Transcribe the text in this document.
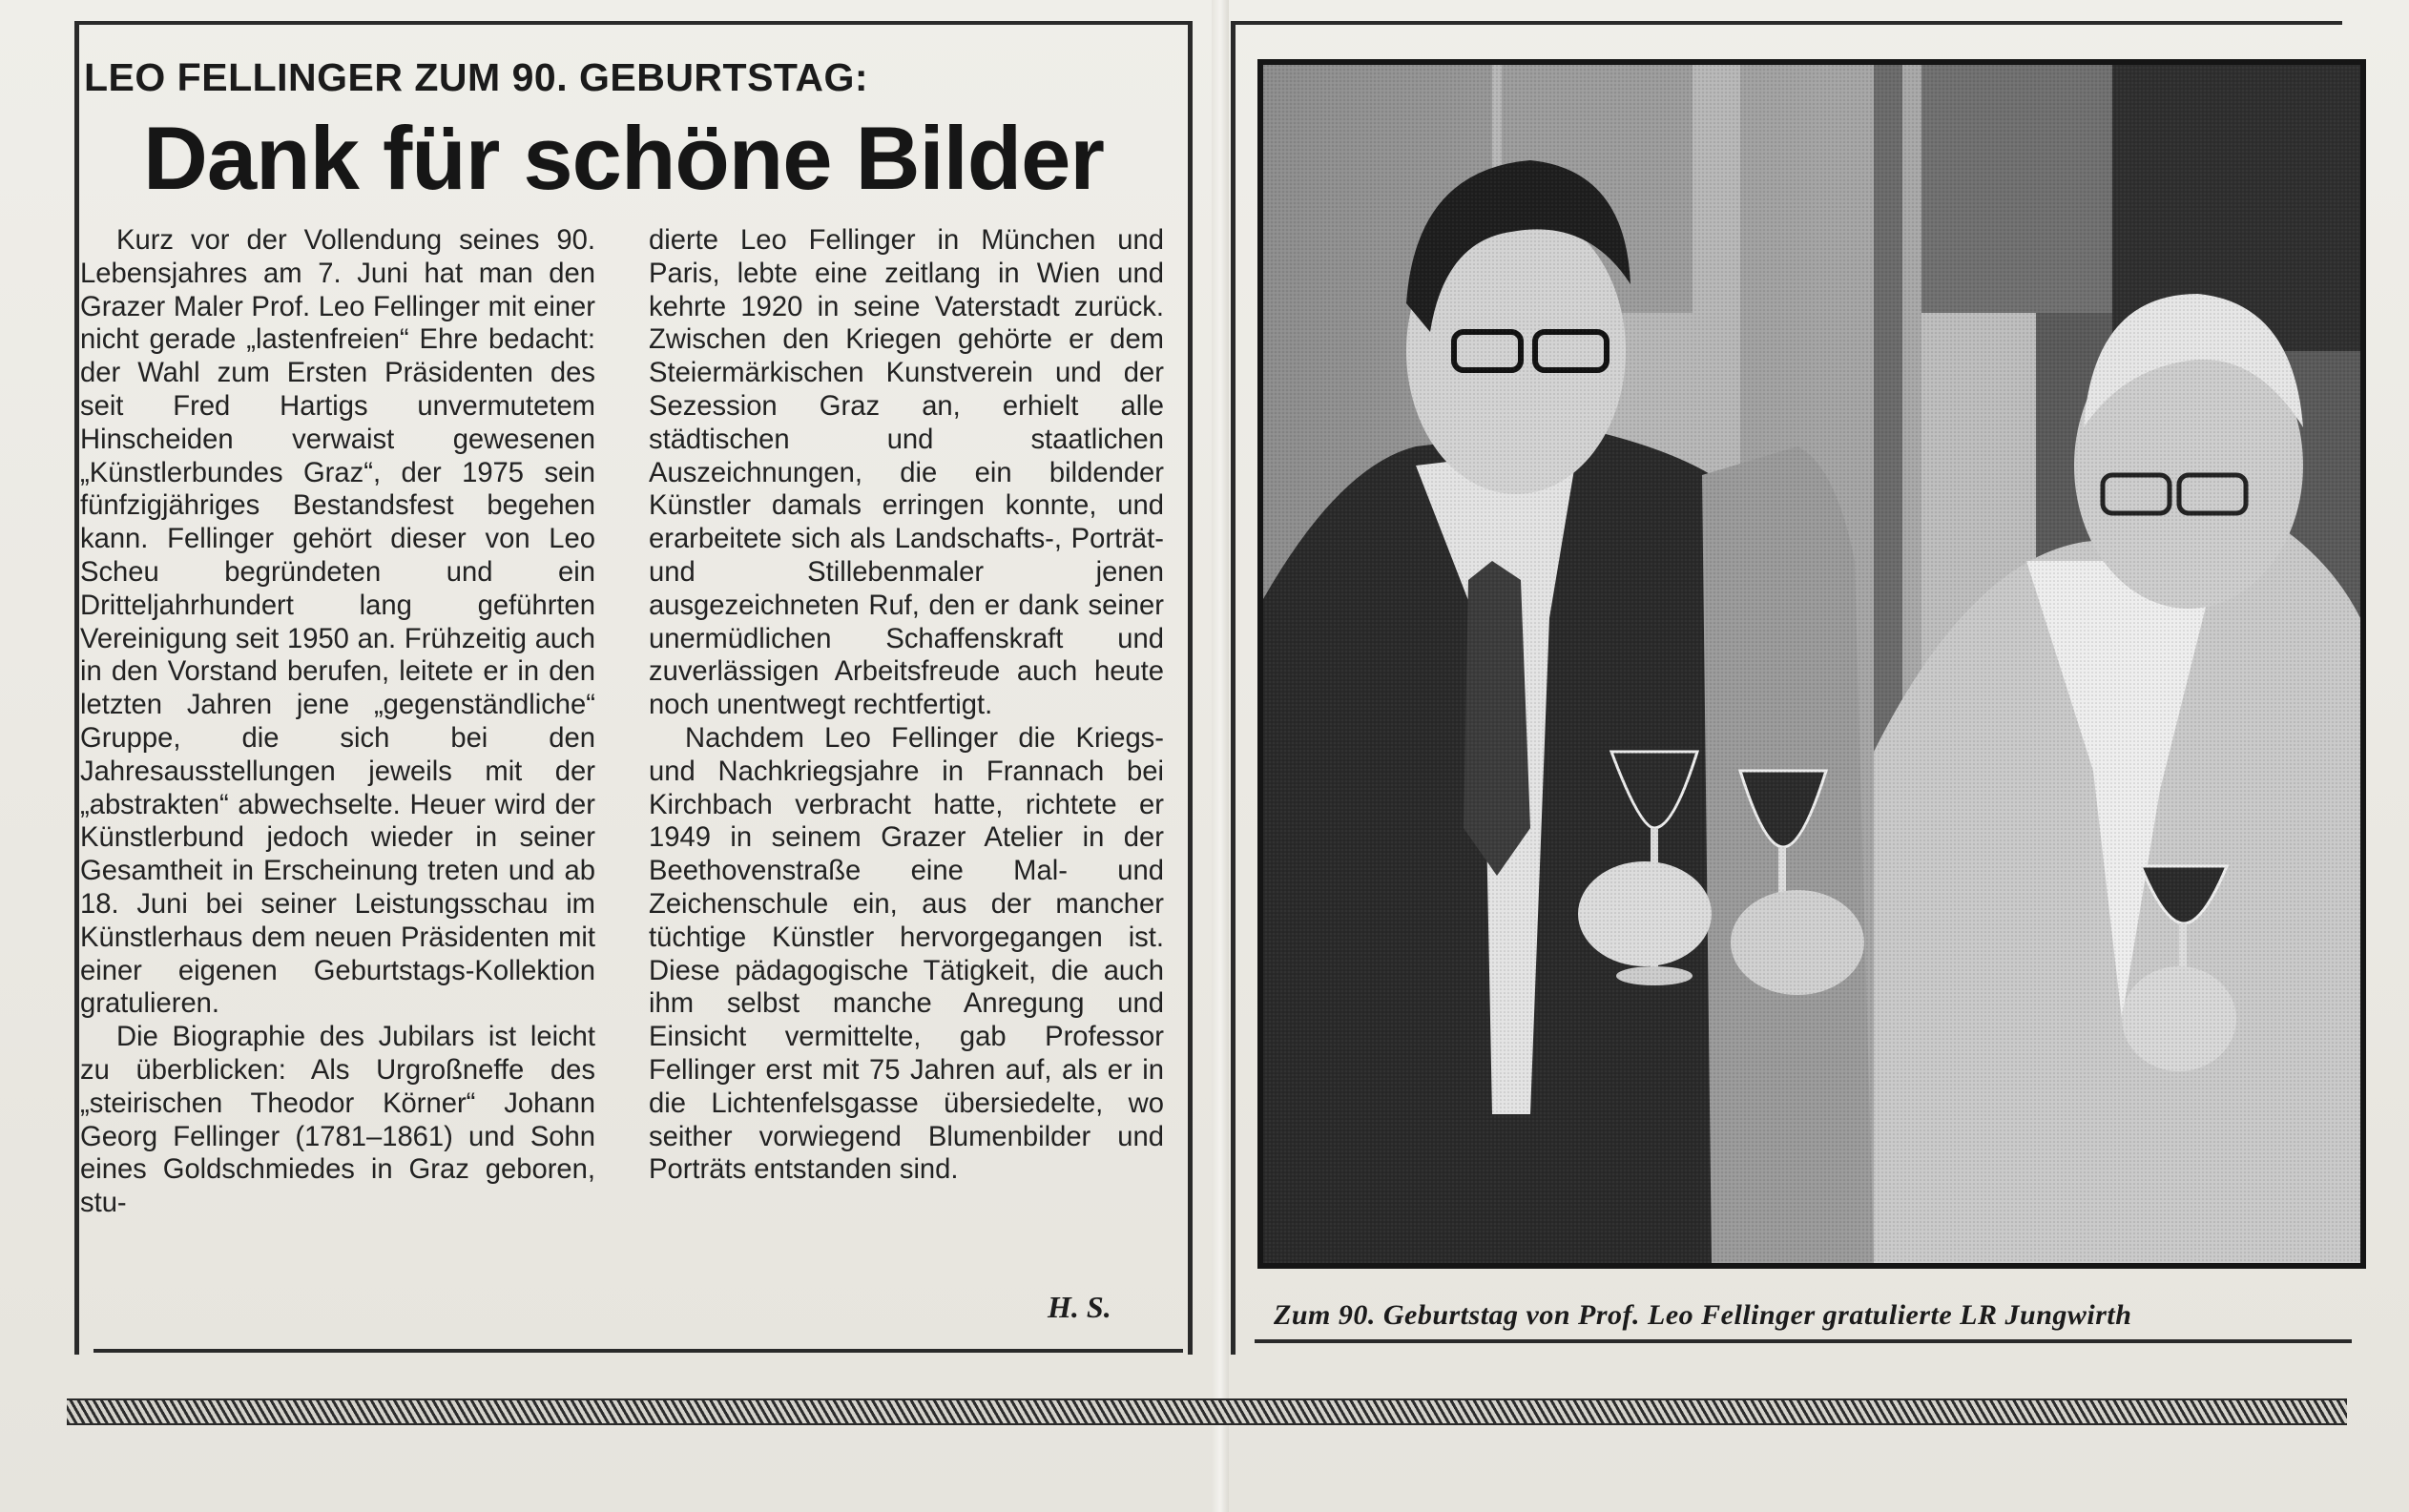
LEO FELLINGER ZUM 90. GEBURTSTAG:
Dank für schöne Bilder

Kurz vor der Vollendung seines 90. Lebensjahres am 7. Juni hat man den Grazer Maler Prof. Leo Fellinger mit einer nicht gerade „lastenfreien“ Ehre bedacht: der Wahl zum Ersten Präsidenten des seit Fred Hartigs unvermutetem Hinscheiden verwaist gewesenen „Künstlerbundes Graz“, der 1975 sein fünfzigjähriges Bestandsfest begehen kann. Fellinger gehört dieser von Leo Scheu begründeten und ein Dritteljahrhundert lang geführten Vereinigung seit 1950 an. Frühzeitig auch in den Vorstand berufen, leitete er in den letzten Jahren jene „gegenständliche“ Gruppe, die sich bei den Jahresausstellungen jeweils mit der „abstrakten“ abwechselte. Heuer wird der Künstlerbund jedoch wieder in seiner Gesamtheit in Erscheinung treten und ab 18. Juni bei seiner Leistungsschau im Künstlerhaus dem neuen Präsidenten mit einer eigenen Geburtstags-Kollektion gratulieren.

Die Biographie des Jubilars ist leicht zu überblicken: Als Urgroßneffe des „steirischen Theodor Körner“ Johann Georg Fellinger (1781–1861) und Sohn eines Goldschmiedes in Graz geboren, stu-

dierte Leo Fellinger in München und Paris, lebte eine zeitlang in Wien und kehrte 1920 in seine Vaterstadt zurück. Zwischen den Kriegen gehörte er dem Steiermärkischen Kunstverein und der Sezession Graz an, erhielt alle städtischen und staatlichen Auszeichnungen, die ein bildender Künstler damals erringen konnte, und erarbeitete sich als Landschafts-, Porträt- und Stillebenmaler jenen ausgezeichneten Ruf, den er dank seiner unermüdlichen Schaffenskraft und zuverlässigen Arbeitsfreude auch heute noch unentwegt rechtfertigt.

Nachdem Leo Fellinger die Kriegs- und Nachkriegsjahre in Frannach bei Kirchbach verbracht hatte, richtete er 1949 in seinem Grazer Atelier in der Beethovenstraße eine Mal- und Zeichenschule ein, aus der mancher tüchtige Künstler hervorgegangen ist. Diese pädagogische Tätigkeit, die auch ihm selbst manche Anregung und Einsicht vermittelte, gab Professor Fellinger erst mit 75 Jahren auf, als er in die Lichtenfelsgasse übersiedelte, wo seither vorwiegend Blumenbilder und Porträts entstanden sind.

H. S.	Zum 90. Geburtstag von Prof. Leo Fellinger gratulierte LR Jungwirth
